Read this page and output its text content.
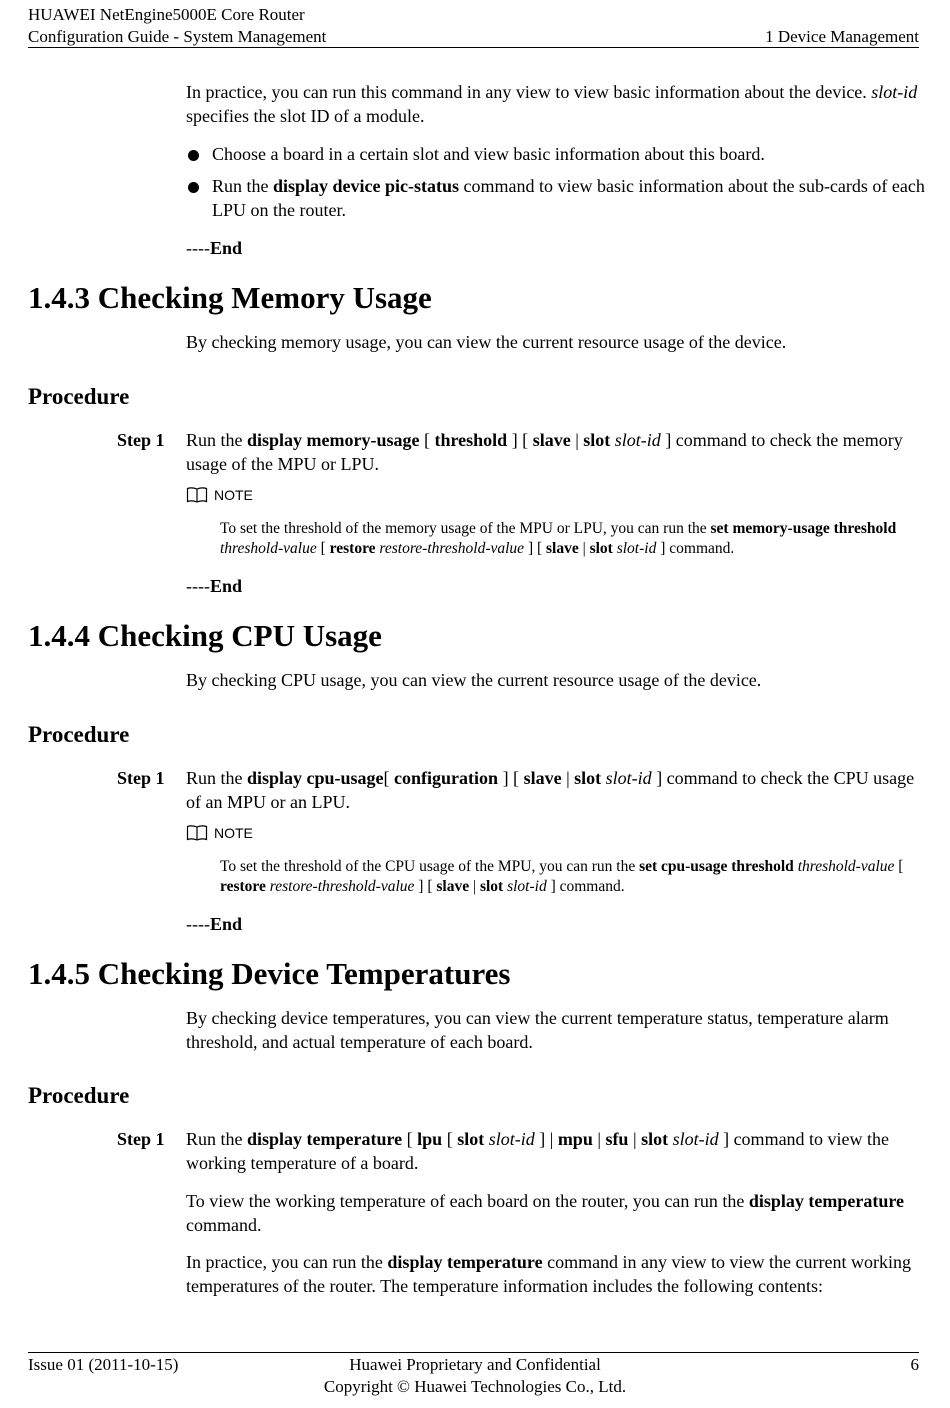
HUAWEI NetEngine5000E Core Router
Configuration Guide - System Management	1 Device Management
In practice, you can run this command in any view to view basic information about the device. slot-id specifies the slot ID of a module.
Choose a board in a certain slot and view basic information about this board.
Run the display device pic-status command to view basic information about the sub-cards of each LPU on the router.
----End
1.4.3 Checking Memory Usage
By checking memory usage, you can view the current resource usage of the device.
Procedure
Step 1 Run the display memory-usage [ threshold ] [ slave | slot slot-id ] command to check the memory usage of the MPU or LPU.
NOTE
To set the threshold of the memory usage of the MPU or LPU, you can run the set memory-usage threshold threshold-value [ restore restore-threshold-value ] [ slave | slot slot-id ] command.
----End
1.4.4 Checking CPU Usage
By checking CPU usage, you can view the current resource usage of the device.
Procedure
Step 1 Run the display cpu-usage[ configuration ] [ slave | slot slot-id ] command to check the CPU usage of an MPU or an LPU.
NOTE
To set the threshold of the CPU usage of the MPU, you can run the set cpu-usage threshold threshold-value [ restore restore-threshold-value ] [ slave | slot slot-id ] command.
----End
1.4.5 Checking Device Temperatures
By checking device temperatures, you can view the current temperature status, temperature alarm threshold, and actual temperature of each board.
Procedure
Step 1 Run the display temperature [ lpu [ slot slot-id ] | mpu | sfu | slot slot-id ] command to view the working temperature of a board.
To view the working temperature of each board on the router, you can run the display temperature command.
In practice, you can run the display temperature command in any view to view the current working temperatures of the router. The temperature information includes the following contents:
Issue 01 (2011-10-15)	Huawei Proprietary and Confidential
Copyright © Huawei Technologies Co., Ltd.
6
